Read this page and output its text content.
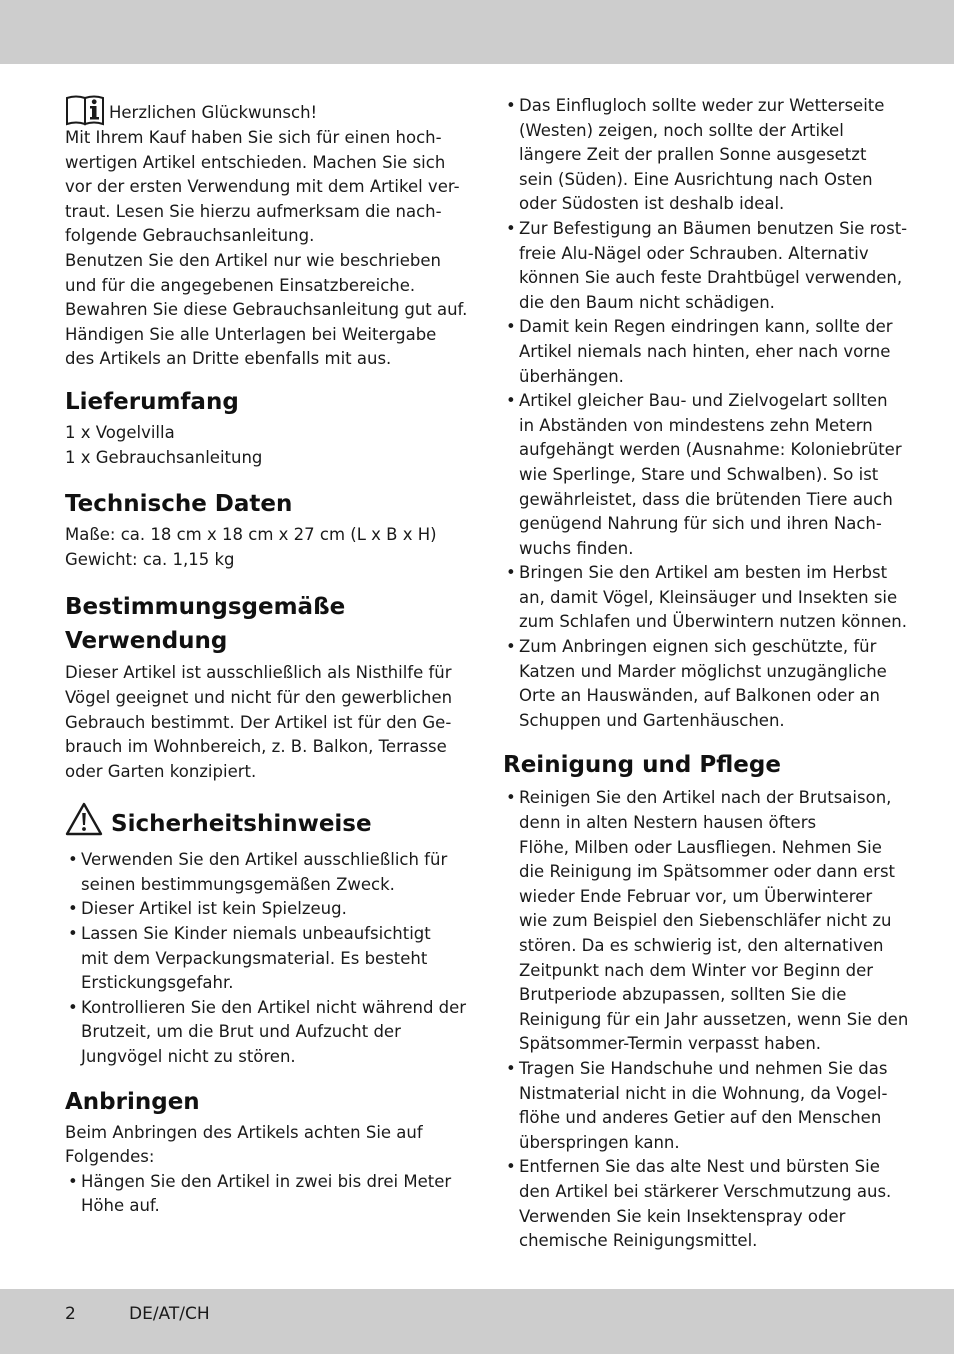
Herzlichen Glückwunsch!

Mit Ihrem Kauf haben Sie sich für einen hoch-
wertigen Artikel entschieden. Machen Sie sich
vor der ersten Verwendung mit dem Artikel ver-
traut. Lesen Sie hierzu aufmerksam die nach-
folgende Gebrauchsanleitung.
Benutzen Sie den Artikel nur wie beschrieben
und für die angegebenen Einsatzbereiche.
Bewahren Sie diese Gebrauchsanleitung gut auf.
Händigen Sie alle Unterlagen bei Weitergabe
des Artikels an Dritte ebenfalls mit aus.

Lieferumfang

1 x Vogelvilla
1 x Gebrauchsanleitung

Technische Daten

Maße: ca. 18 cm x 18 cm x 27 cm (L x B x H)
Gewicht: ca. 1,15 kg

Bestimmungsgemäße
Verwendung

Dieser Artikel ist ausschließlich als Nisthilfe für
Vögel geeignet und nicht für den gewerblichen
Gebrauch bestimmt. Der Artikel ist für den Ge-
brauch im Wohnbereich, z. B. Balkon, Terrasse
oder Garten konzipiert.

Sicherheitshinweise
• Verwenden Sie den Artikel ausschließlich für
seinen bestimmungsgemäßen Zweck.
• Dieser Artikel ist kein Spielzeug.
• Lassen Sie Kinder niemals unbeaufsichtigt
mit dem Verpackungsmaterial. Es besteht
Erstickungsgefahr.
• Kontrollieren Sie den Artikel nicht während der
Brutzeit, um die Brut und Aufzucht der
Jungvögel nicht zu stören.
Anbringen

Beim Anbringen des Artikels achten Sie auf
Folgendes:

• Hängen Sie den Artikel in zwei bis drei Meter
Höhe auf.
• Das Einflugloch sollte weder zur Wetterseite
(Westen) zeigen, noch sollte der Artikel
längere Zeit der prallen Sonne ausgesetzt
sein (Süden). Eine Ausrichtung nach Osten
oder Südosten ist deshalb ideal.
• Zur Befestigung an Bäumen benutzen Sie rost-
freie Alu-Nägel oder Schrauben. Alternativ
können Sie auch feste Drahtbügel verwenden,
die den Baum nicht schädigen.
• Damit kein Regen eindringen kann, sollte der
Artikel niemals nach hinten, eher nach vorne
überhängen.
• Artikel gleicher Bau- und Zielvogelart sollten
in Abständen von mindestens zehn Metern
aufgehängt werden (Ausnahme: Koloniebrüter
wie Sperlinge, Stare und Schwalben). So ist
gewährleistet, dass die brütenden Tiere auch
genügend Nahrung für sich und ihren Nach-
wuchs finden.
• Bringen Sie den Artikel am besten im Herbst
an, damit Vögel, Kleinsäuger und Insekten sie
zum Schlafen und Überwintern nutzen können.
• Zum Anbringen eignen sich geschützte, für
Katzen und Marder möglichst unzugängliche
Orte an Hauswänden, auf Balkonen oder an
Schuppen und Gartenhäuschen.
Reinigung und Pflege
• Reinigen Sie den Artikel nach der Brutsaison,
denn in alten Nestern hausen öfters
Flöhe, Milben oder Lausfliegen. Nehmen Sie
die Reinigung im Spätsommer oder dann erst
wieder Ende Februar vor, um Überwinterer
wie zum Beispiel den Siebenschläfer nicht zu
stören. Da es schwierig ist, den alternativen
Zeitpunkt nach dem Winter vor Beginn der
Brutperiode abzupassen, sollten Sie die
Reinigung für ein Jahr aussetzen, wenn Sie den
Spätsommer-Termin verpasst haben.
• Tragen Sie Handschuhe und nehmen Sie das
Nistmaterial nicht in die Wohnung, da Vogel-
flöhe und anderes Getier auf den Menschen
überspringen kann.
• Entfernen Sie das alte Nest und bürsten Sie
den Artikel bei stärkerer Verschmutzung aus.
Verwenden Sie kein Insektenspray oder
chemische Reinigungsmittel.
2	DE/AT/CH
